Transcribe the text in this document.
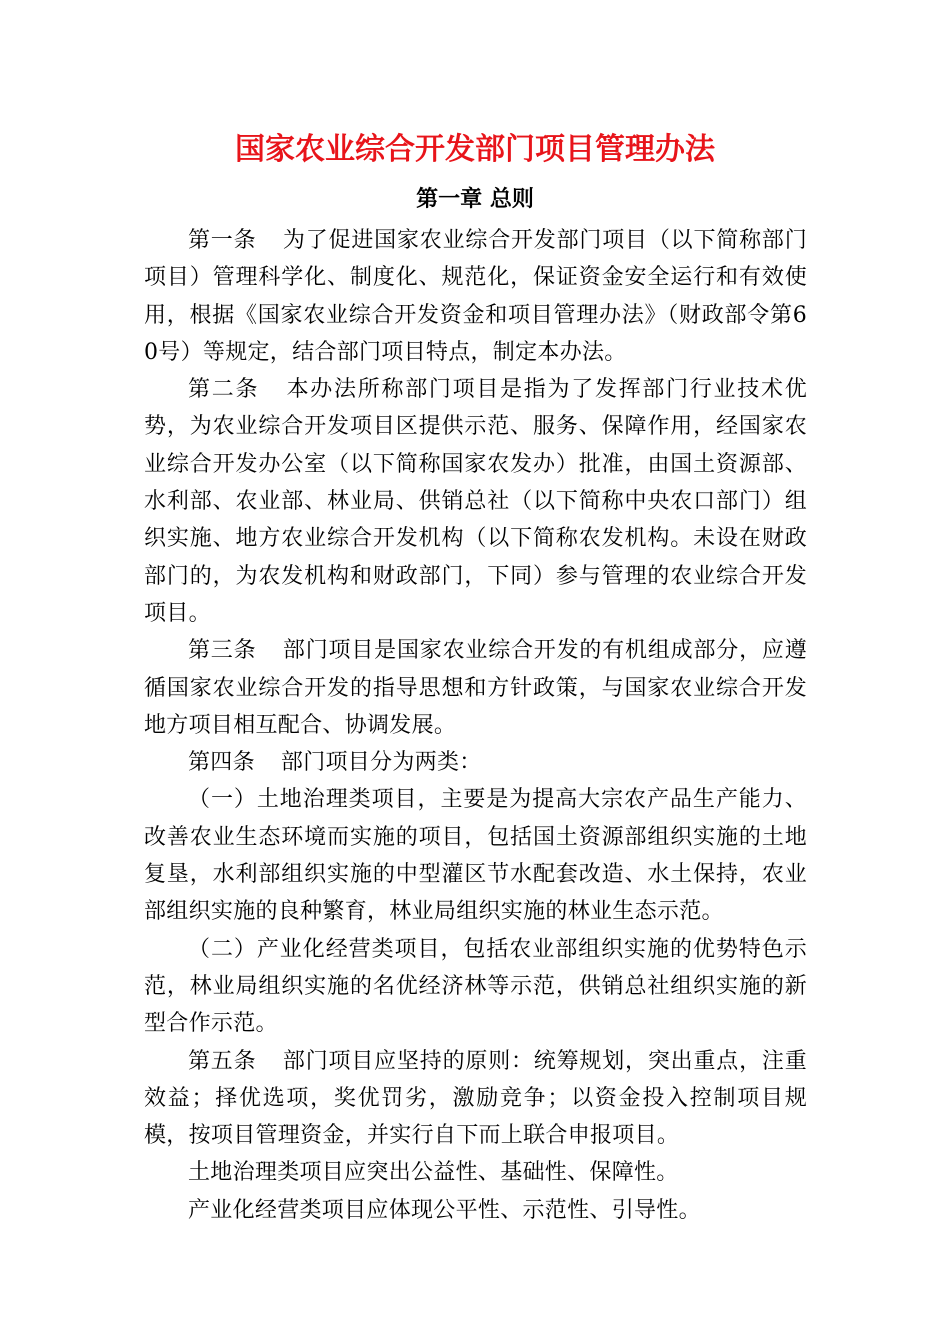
国家农业综合开发部门项目管理办法
第一章 总则

第一条 为了促进国家农业综合开发部门项目（以下简称部门项目）管理科学化、制度化、规范化，保证资金安全运行和有效使用，根据《国家农业综合开发资金和项目管理办法》（财政部令第60号）等规定，结合部门项目特点，制定本办法。

第二条 本办法所称部门项目是指为了发挥部门行业技术优势，为农业综合开发项目区提供示范、服务、保障作用，经国家农业综合开发办公室（以下简称国家农发办）批准，由国土资源部、水利部、农业部、林业局、供销总社（以下简称中央农口部门）组织实施、地方农业综合开发机构（以下简称农发机构。未设在财政部门的，为农发机构和财政部门，下同）参与管理的农业综合开发项目。

第三条 部门项目是国家农业综合开发的有机组成部分，应遵循国家农业综合开发的指导思想和方针政策，与国家农业综合开发地方项目相互配合、协调发展。

第四条 部门项目分为两类：

（一）土地治理类项目，主要是为提高大宗农产品生产能力、改善农业生态环境而实施的项目，包括国土资源部组织实施的土地复垦，水利部组织实施的中型灌区节水配套改造、水土保持，农业部组织实施的良种繁育，林业局组织实施的林业生态示范。

（二）产业化经营类项目，包括农业部组织实施的优势特色示范，林业局组织实施的名优经济林等示范，供销总社组织实施的新型合作示范。

第五条 部门项目应坚持的原则：统筹规划，突出重点，注重效益；择优选项，奖优罚劣，激励竞争；以资金投入控制项目规模，按项目管理资金，并实行自下而上联合申报项目。

土地治理类项目应突出公益性、基础性、保障性。

产业化经营类项目应体现公平性、示范性、引导性。
